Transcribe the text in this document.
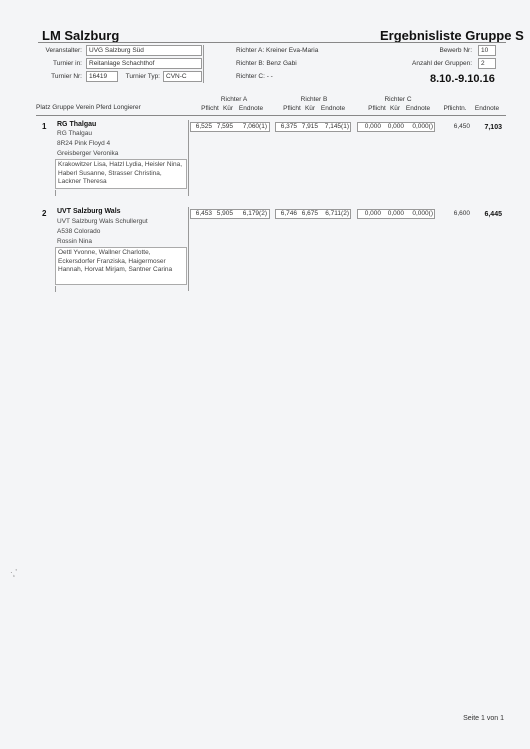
LM Salzburg	Ergebnisliste Gruppe S
Veranstalter:	UVG Salzburg Süd
Turnier in:	Reitanlage Schachthof
Turnier Nr:	16419	Turnier Typ: CVN-C
Richter A: Kreiner Eva-Maria
Richter B: Benz Gabi
Richter C: - -
Bewerb Nr:	10
Anzahl der Gruppen:	2
8.10.-9.10.16
Platz Gruppe Verein Pferd Longierer
Richter A	Richter B	Richter C
Pflicht Kür Endnote	Pflicht Kür Endnote	Pflicht Kür Endnote	Pflichtn.	Endnote
1 RG Thalgau
RG Thalgau
8R24 Pink Floyd 4
Greisberger Veronika
Krakowitzer Lisa, Hatzl Lydia, Heisler Nina, Haberl Susanne, Strasser Christina, Lackner Theresa
6,525 7,595	7,060(1)	6,375 7,915	7,145(1)	0,000	0,000	0,000()	6,450	7,103
2 UVT Salzburg Wals
UVT Salzburg Wals Schullergut
A538 Colorado
Rossin Nina
Oettl Yvonne, Wallner Charlotte, Eckersdorfer Franziska, Haigermoser Hannah, Horvat Mirjam, Santner Carina
6,453 5,905	6,179(2)	6,746 6,675	6,711(2)	0,000	0,000	0,000()	6,600	6,445
·¸'
Seite 1 von 1
